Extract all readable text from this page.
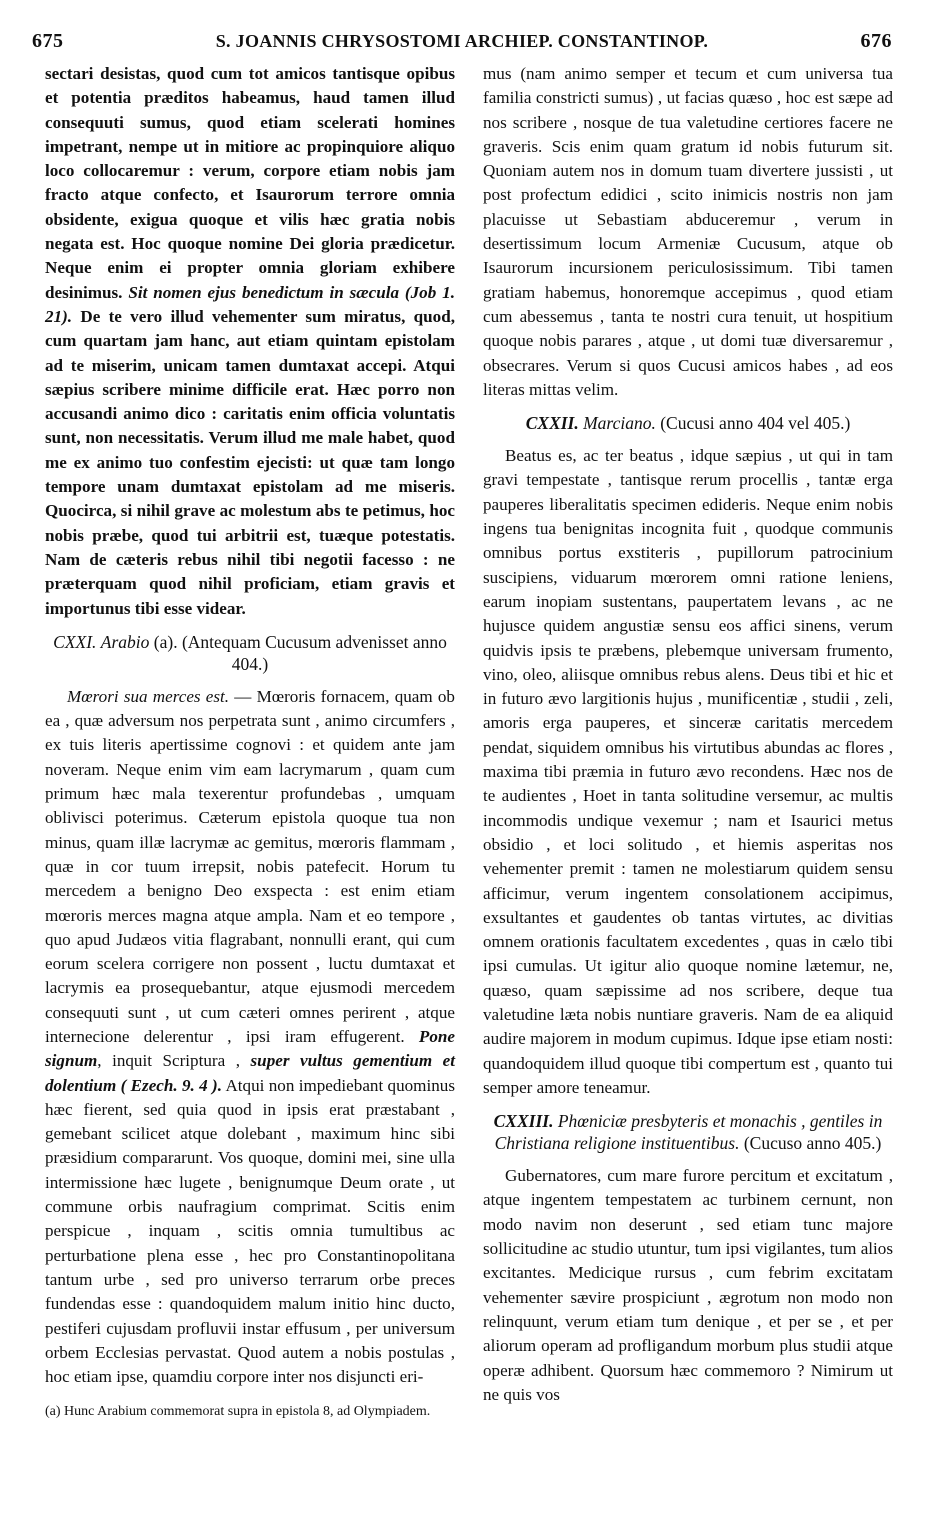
675	S. JOANNIS CHRYSOSTOMI ARCHIEP. CONSTANTINOP.	676

sectari desistas, quod cum tot amicos tantisque opibus et potentia præditos habeamus, haud tamen illud consequuti sumus, quod etiam scelerati homines impetrant, nempe ut in mitiore ac propinquiore aliquo loco collocaremur : verum, corpore etiam nobis jam fracto atque confecto, et Isaurorum terrore omnia obsidente, exigua quoque et vilis hæc gratia nobis negata est. Hoc quoque nomine Dei gloria prædicetur. Neque enim ei propter omnia gloriam exhibere desinimus. Sit nomen ejus benedictum in sæcula (Job 1. 21). De te vero illud vehementer sum miratus, quod, cum quartam jam hanc, aut etiam quintam epistolam ad te miserim, unicam tamen dumtaxat accepi. Atqui sæpius scribere minime difficile erat. Hæc porro non accusandi animo dico : caritatis enim officia voluntatis sunt, non necessitatis. Verum illud me male habet, quod me ex animo tuo confestim ejecisti: ut quæ tam longo tempore unam dumtaxat epistolam ad me miseris. Quocirca, si nihil grave ac molestum abs te petimus, hoc nobis præbe, quod tui arbitrii est, tuæque potestatis. Nam de cæteris rebus nihil tibi negotii facesso : ne præterquam quod nihil proficiam, etiam gravis et importunus tibi esse videar.

CXXI. Arabio (a). (Antequam Cucusum advenisset anno 404.)

Mœrori sua merces est. — Mœroris fornacem, quam ob ea , quæ adversum nos perpetrata sunt , animo circumfers , ex tuis literis apertissime cognovi : et quidem ante jam noveram. Neque enim vim eam lacrymarum , quam cum primum hæc mala texerentur profundebas , umquam oblivisci poterimus. Cæterum epistola quoque tua non minus, quam illæ lacrymæ ac gemitus, mœroris flammam , quæ in cor tuum irrepsit, nobis patefecit. Horum tu mercedem a benigno Deo exspecta : est enim etiam mœroris merces magna atque ampla. Nam et eo tempore , quo apud Judæos vitia flagrabant, nonnulli erant, qui cum eorum scelera corrigere non possent , luctu dumtaxat et lacrymis ea prosequebantur, atque ejusmodi mercedem consequuti sunt , ut cum cæteri omnes perirent , atque internecione delerentur , ipsi iram effugerent. Pone signum, inquit Scriptura , super vultus gementium et dolentium ( Ezech. 9. 4 ). Atqui non impediebant quominus hæc fierent, sed quia quod in ipsis erat præstabant , gemebant scilicet atque dolebant , maximum hinc sibi præsidium compararunt. Vos quoque, domini mei, sine ulla intermissione hæc lugete , benignumque Deum orate , ut commune orbis naufragium comprimat. Scitis enim perspicue , inquam , scitis omnia tumultibus ac perturbatione plena esse , hec pro Constantinopolitana tantum urbe , sed pro universo terrarum orbe preces fundendas esse : quandoquidem malum initio hinc ducto, pestiferi cujusdam profluvii instar effusum , per universum orbem Ecclesias pervastat. Quod autem a nobis postulas , hoc etiam ipse, quamdiu corpore inter nos disjuncti eri-

(a) Hunc Arabium commemorat supra in epistola 8, ad Olympiadem.

mus (nam animo semper et tecum et cum universa tua familia constricti sumus) , ut facias quæso , hoc est sæpe ad nos scribere , nosque de tua valetudine certiores facere ne graveris. Scis enim quam gratum id nobis futurum sit. Quoniam autem nos in domum tuam divertere jussisti , ut post profectum edidici , scito inimicis nostris non jam placuisse ut Sebastiam abduceremur , verum in desertissimum locum Armeniæ Cucusum, atque ob Isaurorum incursionem periculosissimum. Tibi tamen gratiam habemus, honoremque accepimus , quod etiam cum abessemus , tanta te nostri cura tenuit, ut hospitium quoque nobis parares , atque , ut domi tuæ diversaremur , obsecrares. Verum si quos Cucusi amicos habes , ad eos literas mittas velim.

CXXII. Marciano. (Cucusi anno 404 vel 405.)

Beatus es, ac ter beatus , idque sæpius , ut qui in tam gravi tempestate , tantisque rerum procellis , tantæ erga pauperes liberalitatis specimen edideris. Neque enim nobis ingens tua benignitas incognita fuit , quodque communis omnibus portus exstiteris , pupillorum patrocinium suscipiens, viduarum mœrorem omni ratione leniens, earum inopiam sustentans, paupertatem levans , ac ne hujusce quidem angustiæ sensu eos affici sinens, verum quidvis ipsis te præbens, plebemque universam frumento, vino, oleo, aliisque omnibus rebus alens. Deus tibi et hic et in futuro ævo largitionis hujus , munificentiæ , studii , zeli, amoris erga pauperes, et sinceræ caritatis mercedem pendat, siquidem omnibus his virtutibus abundas ac flores , maxima tibi præmia in futuro ævo recondens. Hæc nos de te audientes , Hoet in tanta solitudine versemur, ac multis incommodis undique vexemur ; nam et Isaurici metus obsidio , et loci solitudo , et hiemis asperitas nos vehementer premit : tamen ne molestiarum quidem sensu afficimur, verum ingentem consolationem accipimus, exsultantes et gaudentes ob tantas virtutes, ac divitias omnem orationis facultatem excedentes , quas in cælo tibi ipsi cumulas. Ut igitur alio quoque nomine lætemur, ne, quæso, quam sæpissime ad nos scribere, deque tua valetudine læta nobis nuntiare graveris. Nam de ea aliquid audire majorem in modum cupimus. Idque ipse etiam nosti: quandoquidem illud quoque tibi compertum est , quanto tui semper amore teneamur.

CXXIII. Phœniciæ presbyteris et monachis , gentiles in Christiana religione instituentibus. (Cucuso anno 405.)

Gubernatores, cum mare furore percitum et excitatum , atque ingentem tempestatem ac turbinem cernunt, non modo navim non deserunt , sed etiam tunc majore sollicitudine ac studio utuntur, tum ipsi vigilantes, tum alios excitantes. Medicique rursus , cum febrim excitatam vehementer sævire prospiciunt , ægrotum non modo non relinquunt, verum etiam tum denique , et per se , et per aliorum operam ad profligandum morbum plus studii atque operæ adhibent. Quorsum hæc commemoro ? Nimirum ut ne quis vos
